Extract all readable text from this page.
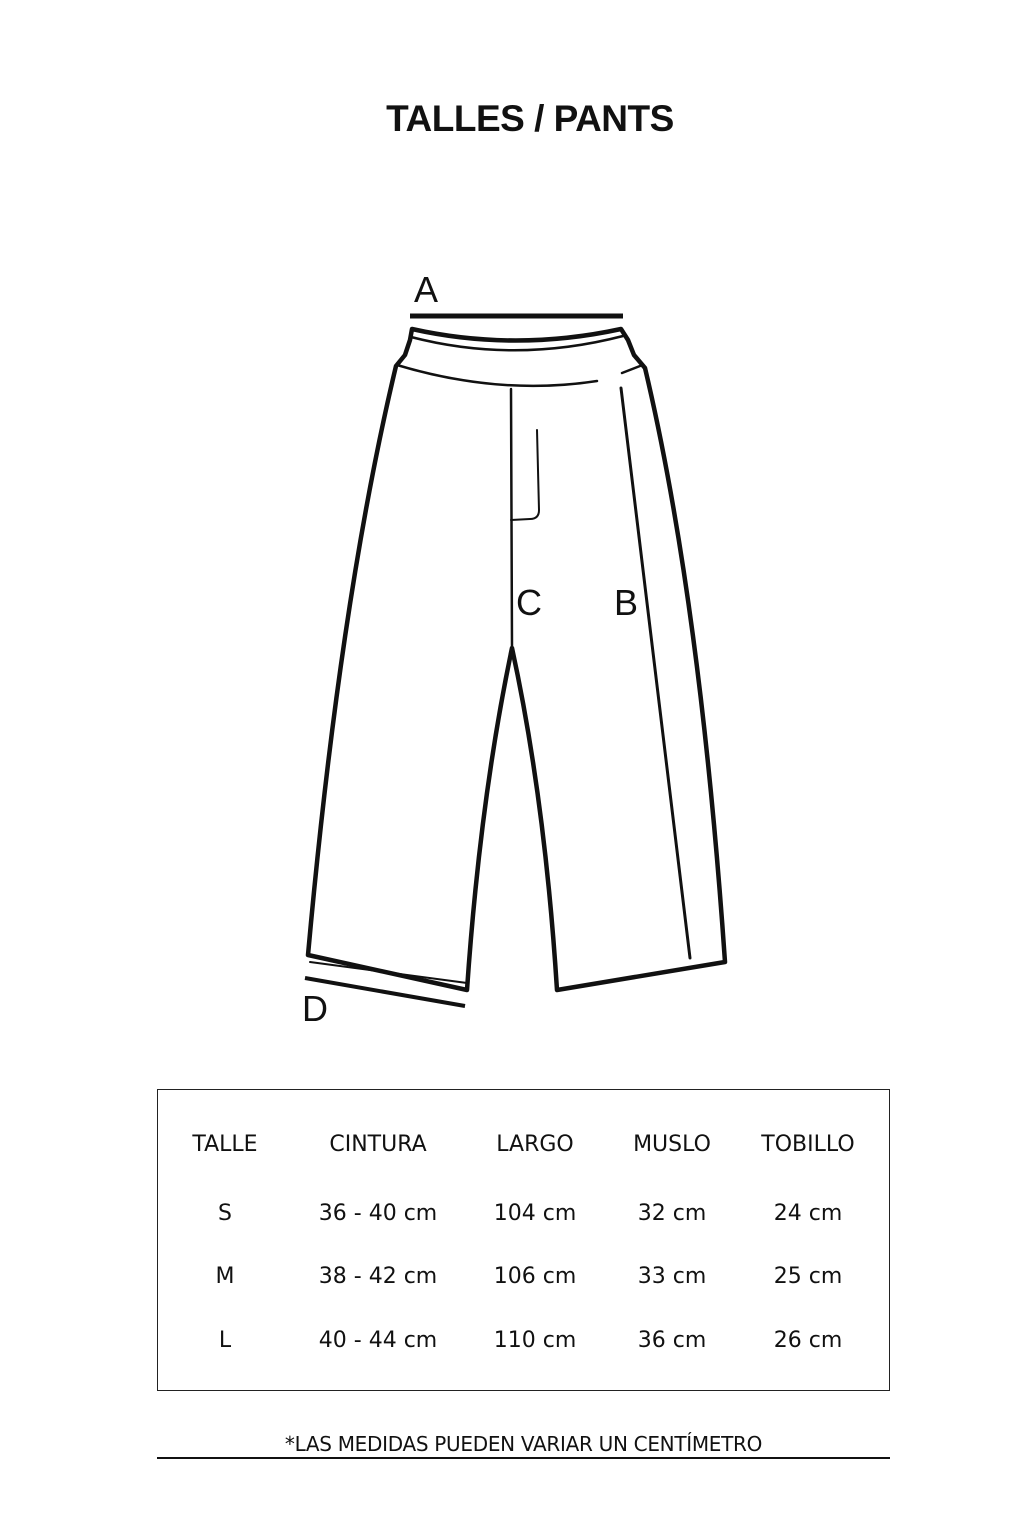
TALLES / PANTS
A
C B
D
TALLE	CINTURA	LARGO	MUSLO	TOBILLO
S	36 - 40 cm	104 cm	32 cm	24 cm
M	38 - 42 cm	106 cm	33 cm	25 cm
L	40 - 44 cm	110 cm	36 cm	26 cm
*LAS MEDIDAS PUEDEN VARIAR UN CENTÍMETRO
